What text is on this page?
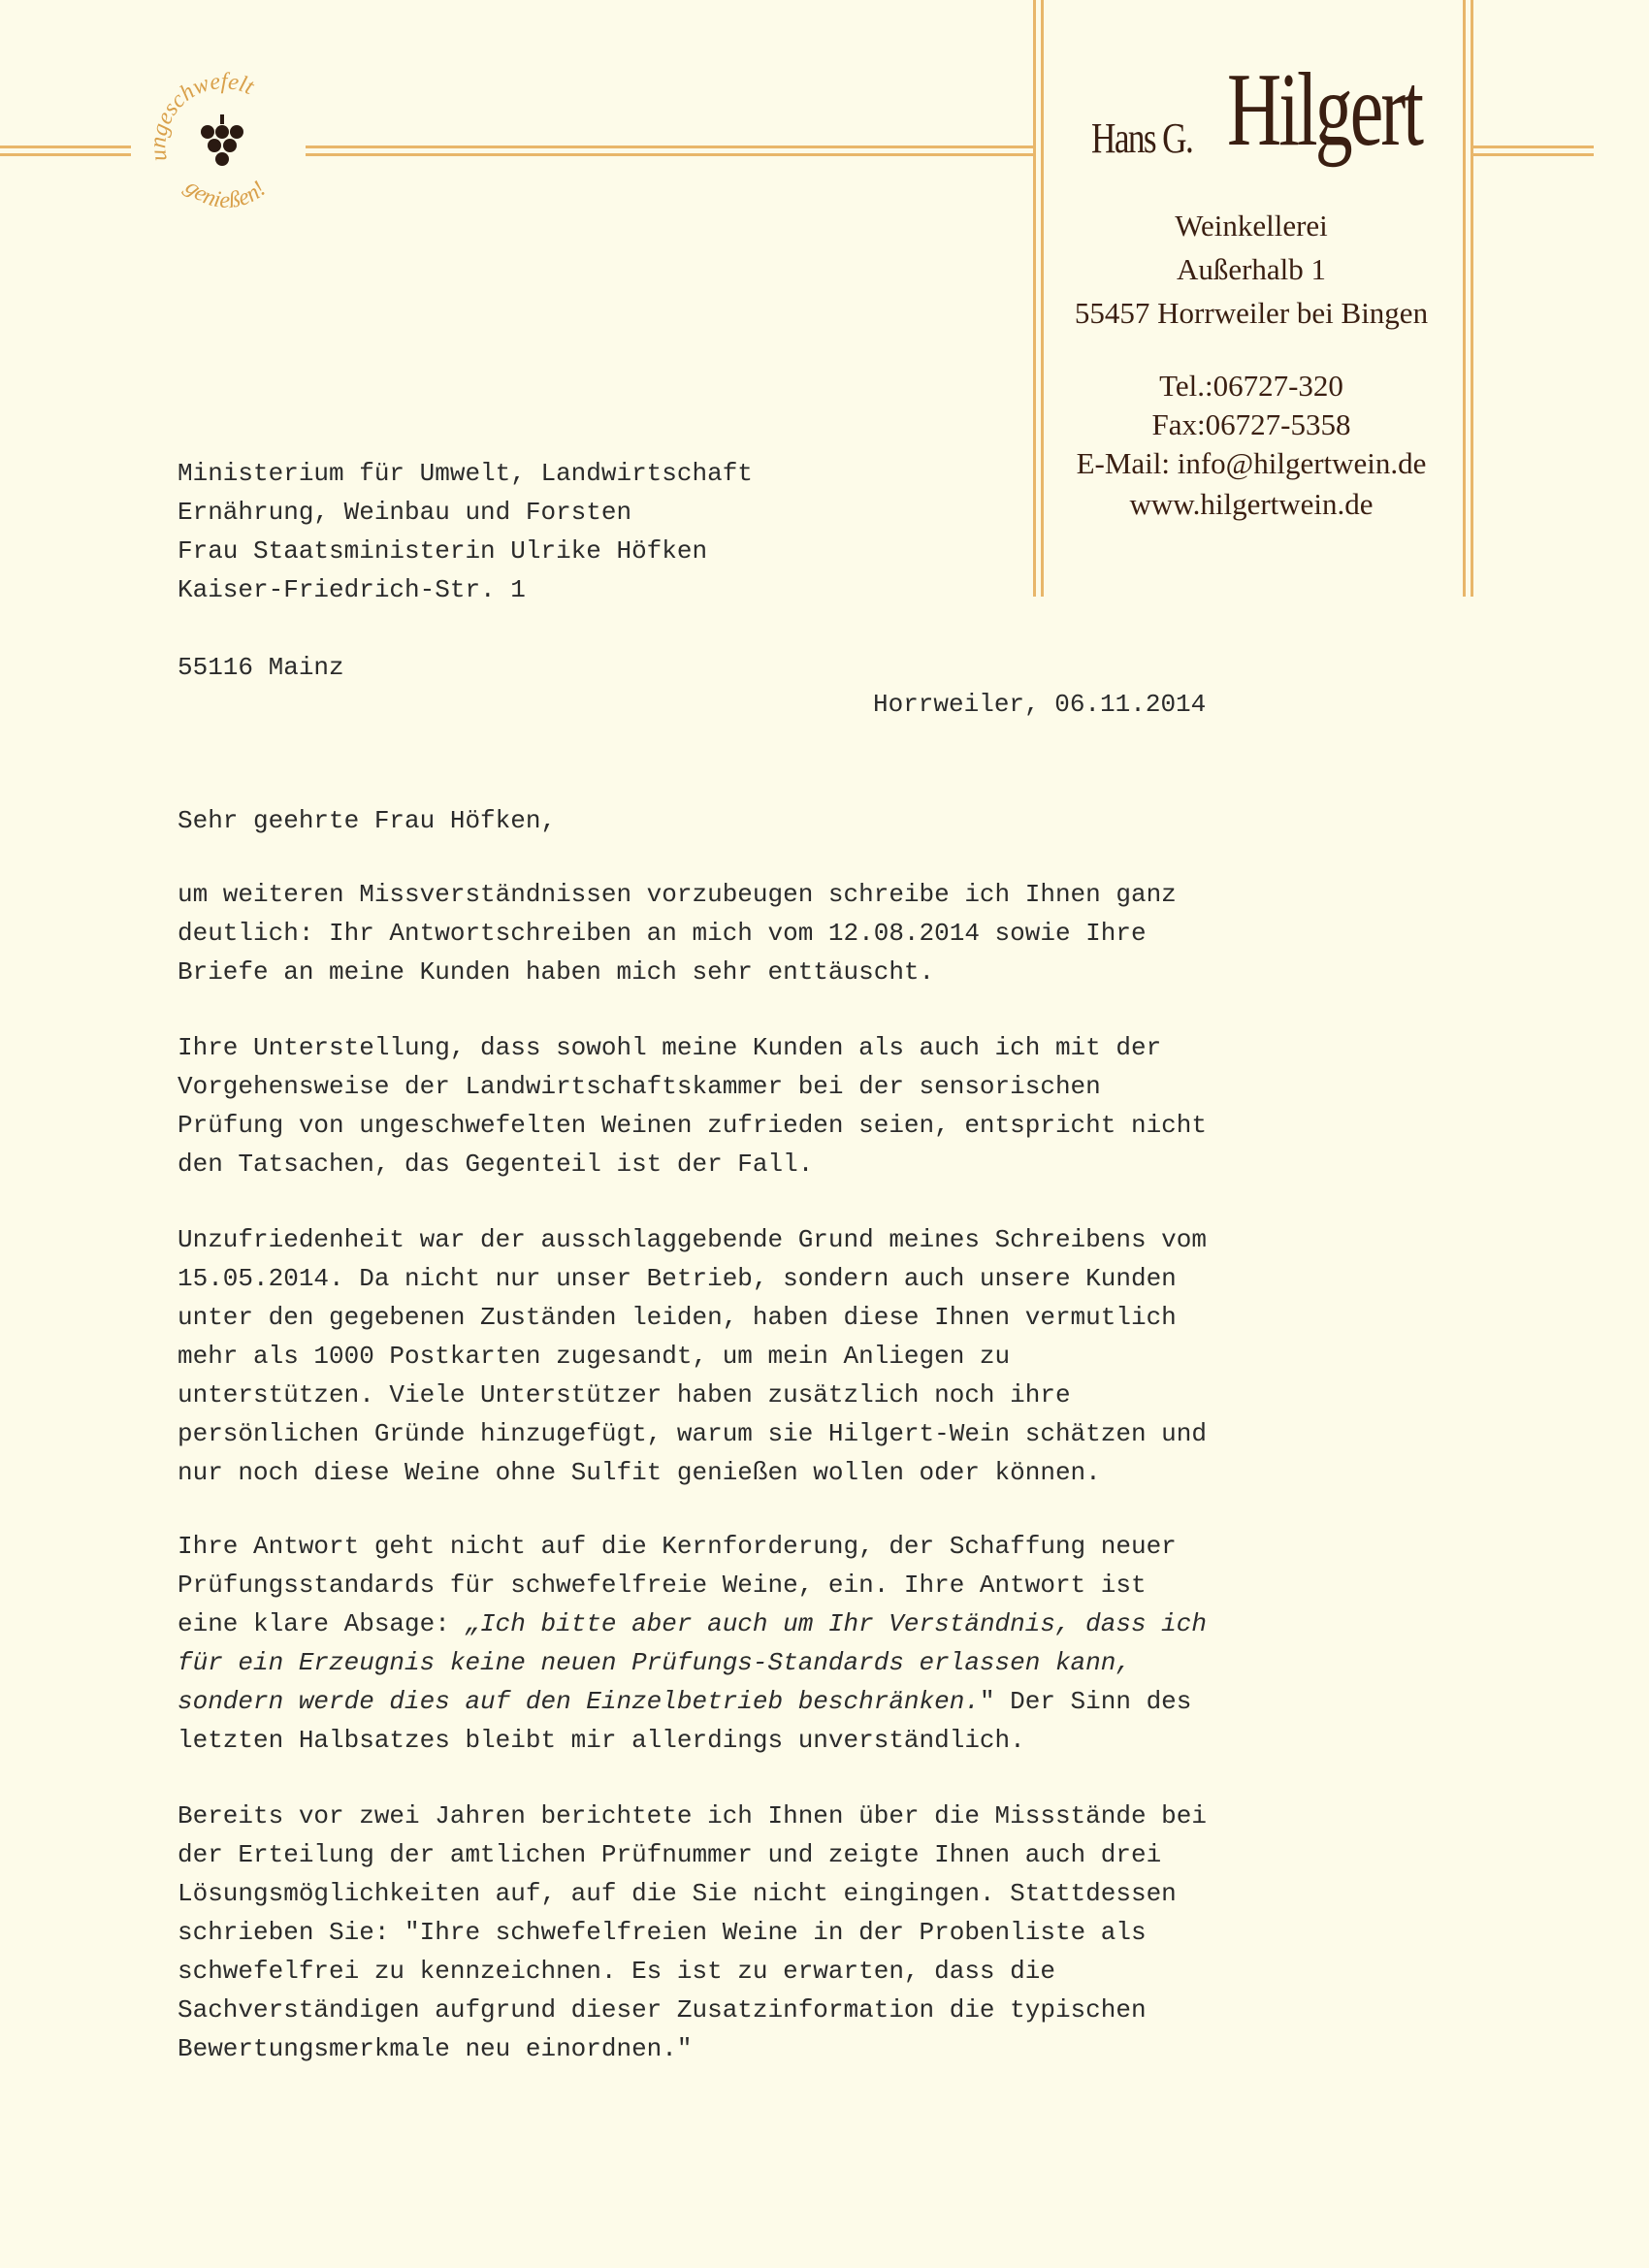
ungeschwefelt
genießen!
Hans G. Hilgert
Weinkellerei
Außerhalb 1
55457 Horrweiler bei Bingen
Tel.:06727-320
Fax:06727-5358
E-Mail: info@hilgertwein.de
www.hilgertwein.de
Ministerium für Umwelt, Landwirtschaft
Ernährung, Weinbau und Forsten
Frau Staatsministerin Ulrike Höfken
Kaiser-Friedrich-Str. 1
55116 Mainz
Horrweiler, 06.11.2014
Sehr geehrte Frau Höfken,

um weiteren Missverständnissen vorzubeugen schreibe ich Ihnen ganz
deutlich: Ihr Antwortschreiben an mich vom 12.08.2014 sowie Ihre
Briefe an meine Kunden haben mich sehr enttäuscht.

Ihre Unterstellung, dass sowohl meine Kunden als auch ich mit der
Vorgehensweise der Landwirtschaftskammer bei der sensorischen
Prüfung von ungeschwefelten Weinen zufrieden seien, entspricht nicht
den Tatsachen, das Gegenteil ist der Fall.

Unzufriedenheit war der ausschlaggebende Grund meines Schreibens vom
15.05.2014. Da nicht nur unser Betrieb, sondern auch unsere Kunden
unter den gegebenen Zuständen leiden, haben diese Ihnen vermutlich
mehr als 1000 Postkarten zugesandt, um mein Anliegen zu
unterstützen. Viele Unterstützer haben zusätzlich noch ihre
persönlichen Gründe hinzugefügt, warum sie Hilgert-Wein schätzen und
nur noch diese Weine ohne Sulfit genießen wollen oder können.

Ihre Antwort geht nicht auf die Kernforderung, der Schaffung neuer
Prüfungsstandards für schwefelfreie Weine, ein. Ihre Antwort ist
eine klare Absage: „Ich bitte aber auch um Ihr Verständnis, dass ich
für ein Erzeugnis keine neuen Prüfungs-Standards erlassen kann,
sondern werde dies auf den Einzelbetrieb beschränken." Der Sinn des
letzten Halbsatzes bleibt mir allerdings unverständlich.

Bereits vor zwei Jahren berichtete ich Ihnen über die Missstände bei
der Erteilung der amtlichen Prüfnummer und zeigte Ihnen auch drei
Lösungsmöglichkeiten auf, auf die Sie nicht eingingen. Stattdessen
schrieben Sie: "Ihre schwefelfreien Weine in der Probenliste als
schwefelfrei zu kennzeichnen. Es ist zu erwarten, dass die
Sachverständigen aufgrund dieser Zusatzinformation die typischen
Bewertungsmerkmale neu einordnen."
